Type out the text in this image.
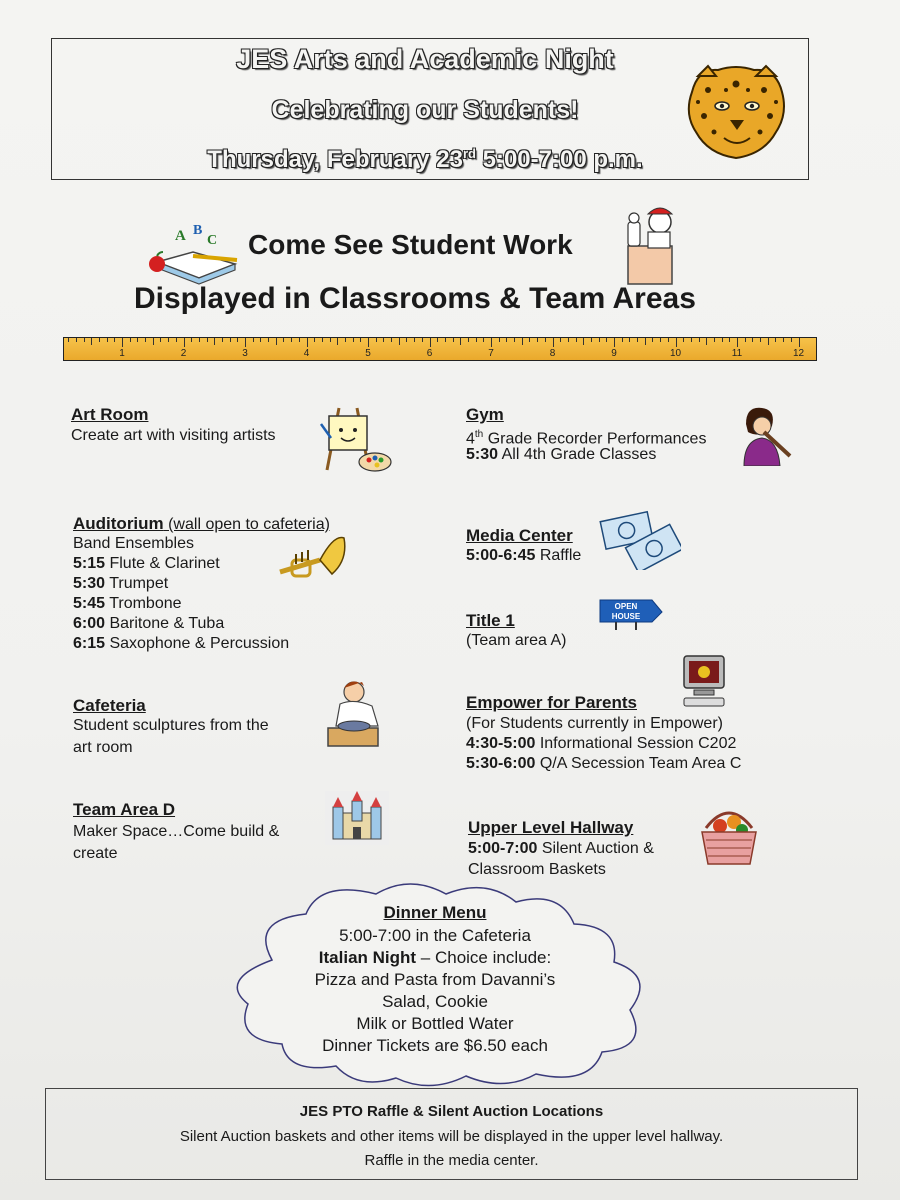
JES Arts and Academic Night
Celebrating our Students!
Thursday, February 23rd 5:00-7:00 p.m.
A B
C Come See Student Work
Displayed in Classrooms & Team Areas
1	2	3	4	5	6	7	8	9	10	11	12
Art Room
Create art with visiting artists
Auditorium (wall open to cafeteria)
Band Ensembles
5:15 Flute & Clarinet
5:30 Trumpet
5:45 Trombone
6:00 Baritone & Tuba
6:15 Saxophone & Percussion
Cafeteria
Student sculptures from the
art room
Team Area D
Maker Space…Come build &
create
Gym
4th Grade Recorder Performances
5:30 All 4th Grade Classes
Media Center
5:00-6:45 Raffle
Title 1
(Team area A)
OPEN
HOUSE
Empower for Parents
(For Students currently in Empower)
4:30-5:00 Informational Session C202
5:30-6:00 Q/A Secession Team Area C
Upper Level Hallway
5:00-7:00 Silent Auction &
Classroom Baskets
Dinner Menu
5:00-7:00 in the Cafeteria
Italian Night – Choice include:
Pizza and Pasta from Davanni’s
Salad, Cookie
Milk or Bottled Water
Dinner Tickets are $6.50 each
JES PTO Raffle & Silent Auction Locations
Silent Auction baskets and other items will be displayed in the upper level hallway.
Raffle in the media center.
